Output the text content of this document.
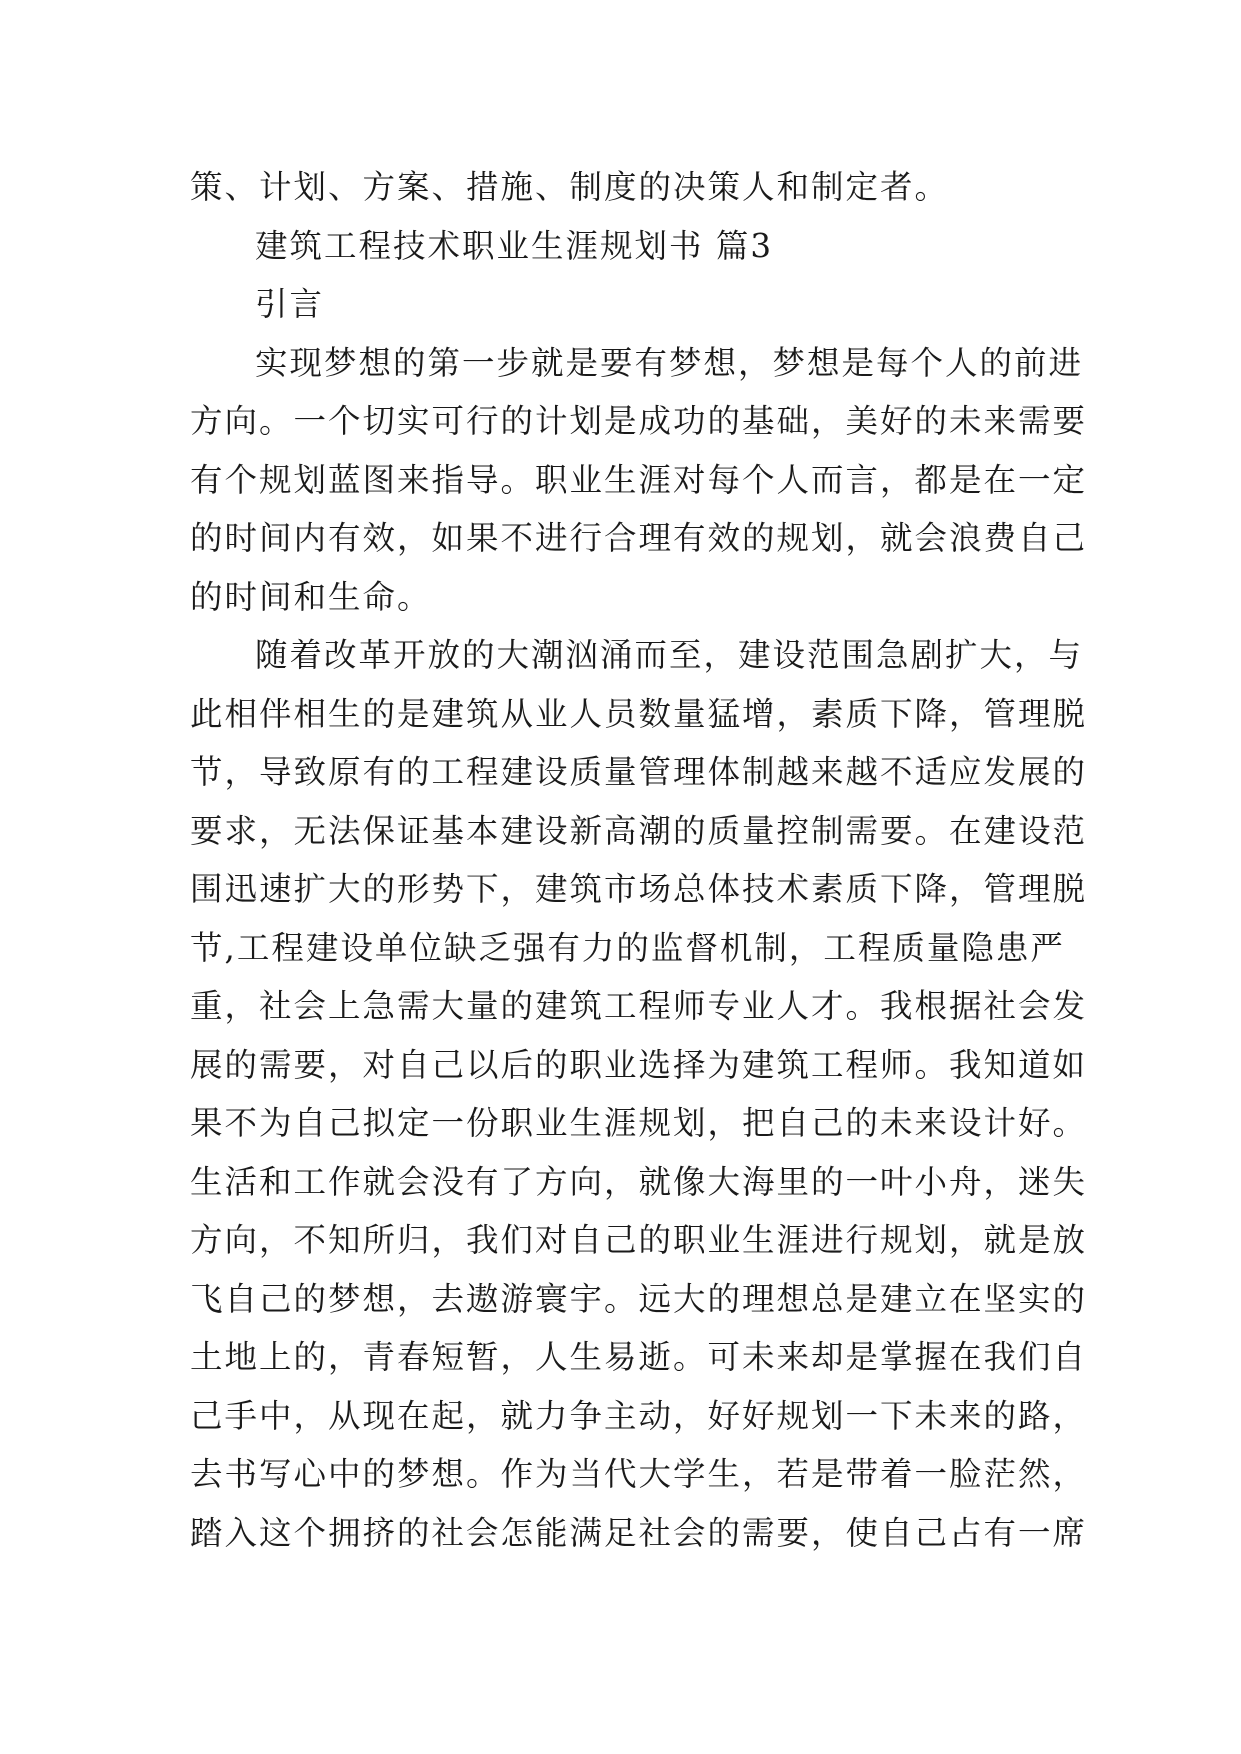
策、计划、方案、措施、制度的决策人和制定者。
建筑工程技术职业生涯规划书 篇3
引言
实现梦想的第一步就是要有梦想，梦想是每个人的前进
方向。一个切实可行的计划是成功的基础，美好的未来需要
有个规划蓝图来指导。职业生涯对每个人而言，都是在一定
的时间内有效，如果不进行合理有效的规划，就会浪费自己
的时间和生命。
随着改革开放的大潮汹涌而至，建设范围急剧扩大，与
此相伴相生的是建筑从业人员数量猛增，素质下降，管理脱
节，导致原有的工程建设质量管理体制越来越不适应发展的
要求，无法保证基本建设新高潮的质量控制需要。在建设范
围迅速扩大的形势下，建筑市场总体技术素质下降，管理脱
节,工程建设单位缺乏强有力的监督机制，工程质量隐患严
重，社会上急需大量的建筑工程师专业人才。我根据社会发
展的需要，对自己以后的职业选择为建筑工程师。我知道如
果不为自己拟定一份职业生涯规划，把自己的未来设计好。
生活和工作就会没有了方向，就像大海里的一叶小舟，迷失
方向，不知所归，我们对自己的职业生涯进行规划，就是放
飞自己的梦想，去遨游寰宇。远大的理想总是建立在坚实的
土地上的，青春短暂，人生易逝。可未来却是掌握在我们自
己手中，从现在起，就力争主动，好好规划一下未来的路，
去书写心中的梦想。作为当代大学生，若是带着一脸茫然，
踏入这个拥挤的社会怎能满足社会的需要，使自己占有一席
